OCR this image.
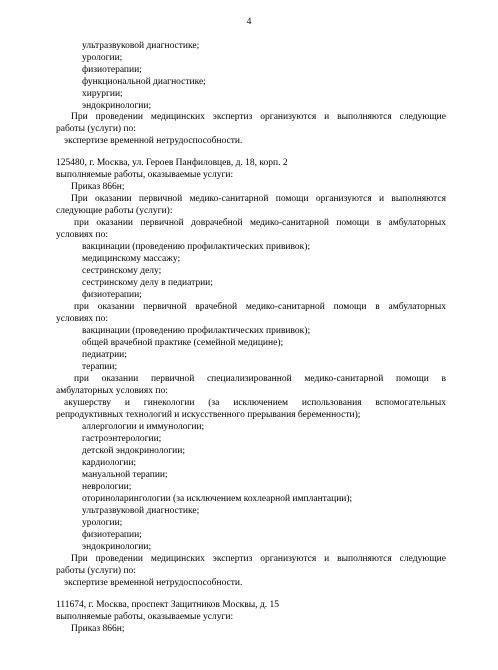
4
ультразвуковой диагностике;
урологии;
физиотерапии;
функциональной диагностике;
хирургии;
эндокринологии;
При проведении медицинских экспертиз организуются и выполняются следующие
работы (услуги) по:
экспертизе временной нетрудоспособности.
125480, г. Москва, ул. Героев Панфиловцев, д. 18, корп. 2
выполняемые работы, оказываемые услуги:
Приказ 866н;
При оказании первичной медико-санитарной помощи организуются и выполняются
следующие работы (услуги):
при оказании первичной доврачебной медико-санитарной помощи в амбулаторных
условиях по:
вакцинации (проведению профилактических прививок);
медицинскому массажу;
сестринскому делу;
сестринскому делу в педиатрии;
физиотерапии;
при оказании первичной врачебной медико-санитарной помощи в амбулаторных
условиях по:
вакцинации (проведению профилактических прививок);
общей врачебной практике (семейной медицине);
педиатрии;
терапии;
при оказании первичной специализированной медико-санитарной помощи в
амбулаторных условиях по:
акушерству и гинекологии (за исключением использования вспомогательных
репродуктивных технологий и искусственного прерывания беременности);
аллергологии и иммунологии;
гастроэнтерологии;
детской эндокринологии;
кардиологии;
мануальной терапии;
неврологии;
оториноларингологии (за исключением кохлеарной имплантации);
ультразвуковой диагностике;
урологии;
физиотерапии;
эндокринологии;
При проведении медицинских экспертиз организуются и выполняются следующие
работы (услуги) по:
экспертизе временной нетрудоспособности.
111674, г. Москва, проспект Защитников Москвы, д. 15
выполняемые работы, оказываемые услуги:
Приказ 866н;
